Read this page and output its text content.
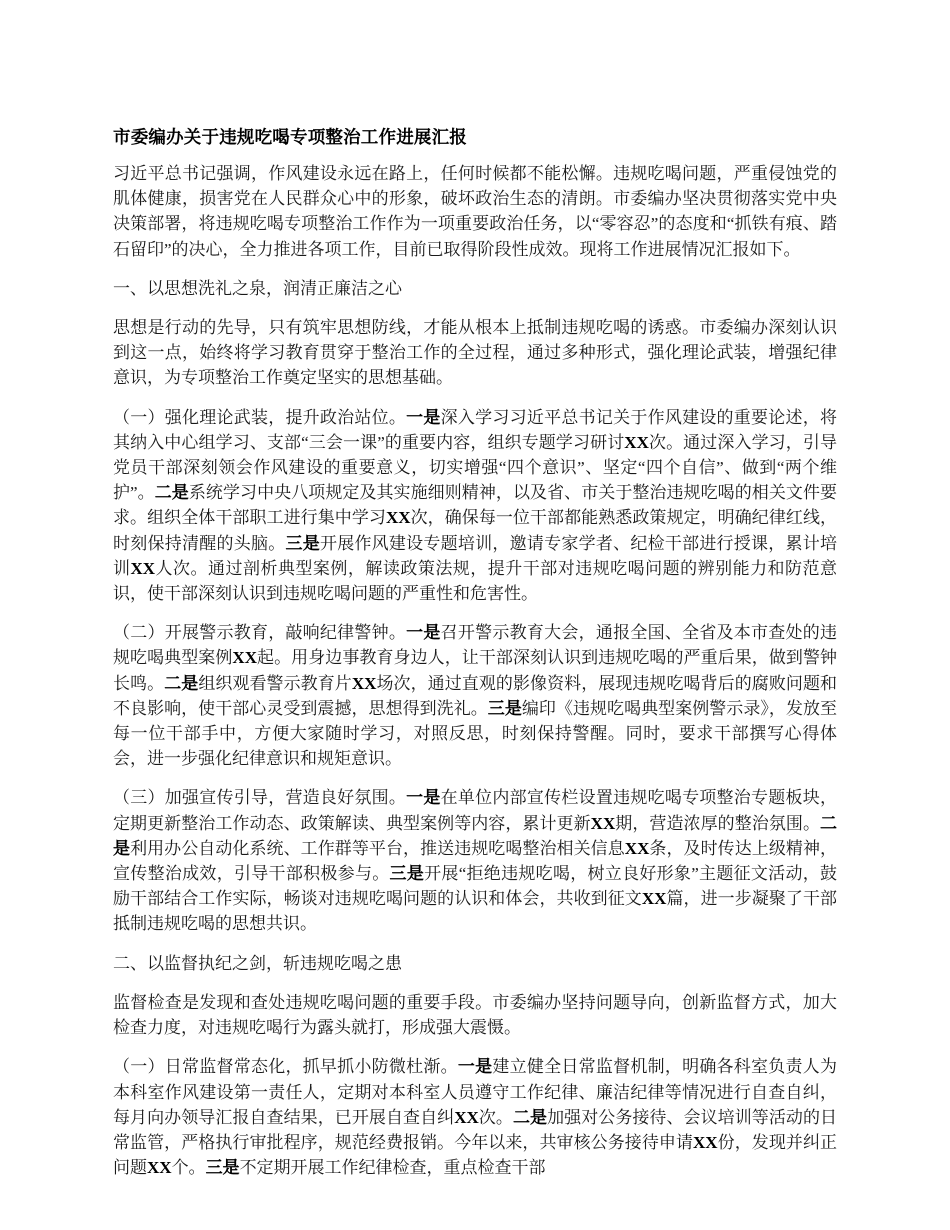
市委编办关于违规吃喝专项整治工作进展汇报

习近平总书记强调，作风建设永远在路上，任何时候都不能松懈。违规吃喝问题，严重侵蚀党的肌体健康，损害党在人民群众心中的形象，破坏政治生态的清朗。市委编办坚决贯彻落实党中央决策部署，将违规吃喝专项整治工作作为一项重要政治任务，以“零容忍”的态度和“抓铁有痕、踏石留印”的决心，全力推进各项工作，目前已取得阶段性成效。现将工作进展情况汇报如下。

一、以思想洗礼之泉，润清正廉洁之心

思想是行动的先导，只有筑牢思想防线，才能从根本上抵制违规吃喝的诱惑。市委编办深刻认识到这一点，始终将学习教育贯穿于整治工作的全过程，通过多种形式，强化理论武装，增强纪律意识，为专项整治工作奠定坚实的思想基础。

（一）强化理论武装，提升政治站位。一是深入学习习近平总书记关于作风建设的重要论述，将其纳入中心组学习、支部“三会一课”的重要内容，组织专题学习研讨XX次。通过深入学习，引导党员干部深刻领会作风建设的重要意义，切实增强“四个意识”、坚定“四个自信”、做到“两个维护”。二是系统学习中央八项规定及其实施细则精神，以及省、市关于整治违规吃喝的相关文件要求。组织全体干部职工进行集中学习XX次，确保每一位干部都能熟悉政策规定，明确纪律红线，时刻保持清醒的头脑。三是开展作风建设专题培训，邀请专家学者、纪检干部进行授课，累计培训XX人次。通过剖析典型案例，解读政策法规，提升干部对违规吃喝问题的辨别能力和防范意识，使干部深刻认识到违规吃喝问题的严重性和危害性。

（二）开展警示教育，敲响纪律警钟。一是召开警示教育大会，通报全国、全省及本市查处的违规吃喝典型案例XX起。用身边事教育身边人，让干部深刻认识到违规吃喝的严重后果，做到警钟长鸣。二是组织观看警示教育片XX场次，通过直观的影像资料，展现违规吃喝背后的腐败问题和不良影响，使干部心灵受到震撼，思想得到洗礼。三是编印《违规吃喝典型案例警示录》，发放至每一位干部手中，方便大家随时学习，对照反思，时刻保持警醒。同时，要求干部撰写心得体会，进一步强化纪律意识和规矩意识。

（三）加强宣传引导，营造良好氛围。一是在单位内部宣传栏设置违规吃喝专项整治专题板块，定期更新整治工作动态、政策解读、典型案例等内容，累计更新XX期，营造浓厚的整治氛围。二是利用办公自动化系统、工作群等平台，推送违规吃喝整治相关信息XX条，及时传达上级精神，宣传整治成效，引导干部积极参与。三是开展“拒绝违规吃喝，树立良好形象”主题征文活动，鼓励干部结合工作实际，畅谈对违规吃喝问题的认识和体会，共收到征文XX篇，进一步凝聚了干部抵制违规吃喝的思想共识。

二、以监督执纪之剑，斩违规吃喝之患

监督检查是发现和查处违规吃喝问题的重要手段。市委编办坚持问题导向，创新监督方式，加大检查力度，对违规吃喝行为露头就打，形成强大震慑。

（一）日常监督常态化，抓早抓小防微杜渐。一是建立健全日常监督机制，明确各科室负责人为本科室作风建设第一责任人，定期对本科室人员遵守工作纪律、廉洁纪律等情况进行自查自纠，每月向办领导汇报自查结果，已开展自查自纠XX次。二是加强对公务接待、会议培训等活动的日常监管，严格执行审批程序，规范经费报销。今年以来，共审核公务接待申请XX份，发现并纠正问题XX个。三是不定期开展工作纪律检查，重点检查干部
